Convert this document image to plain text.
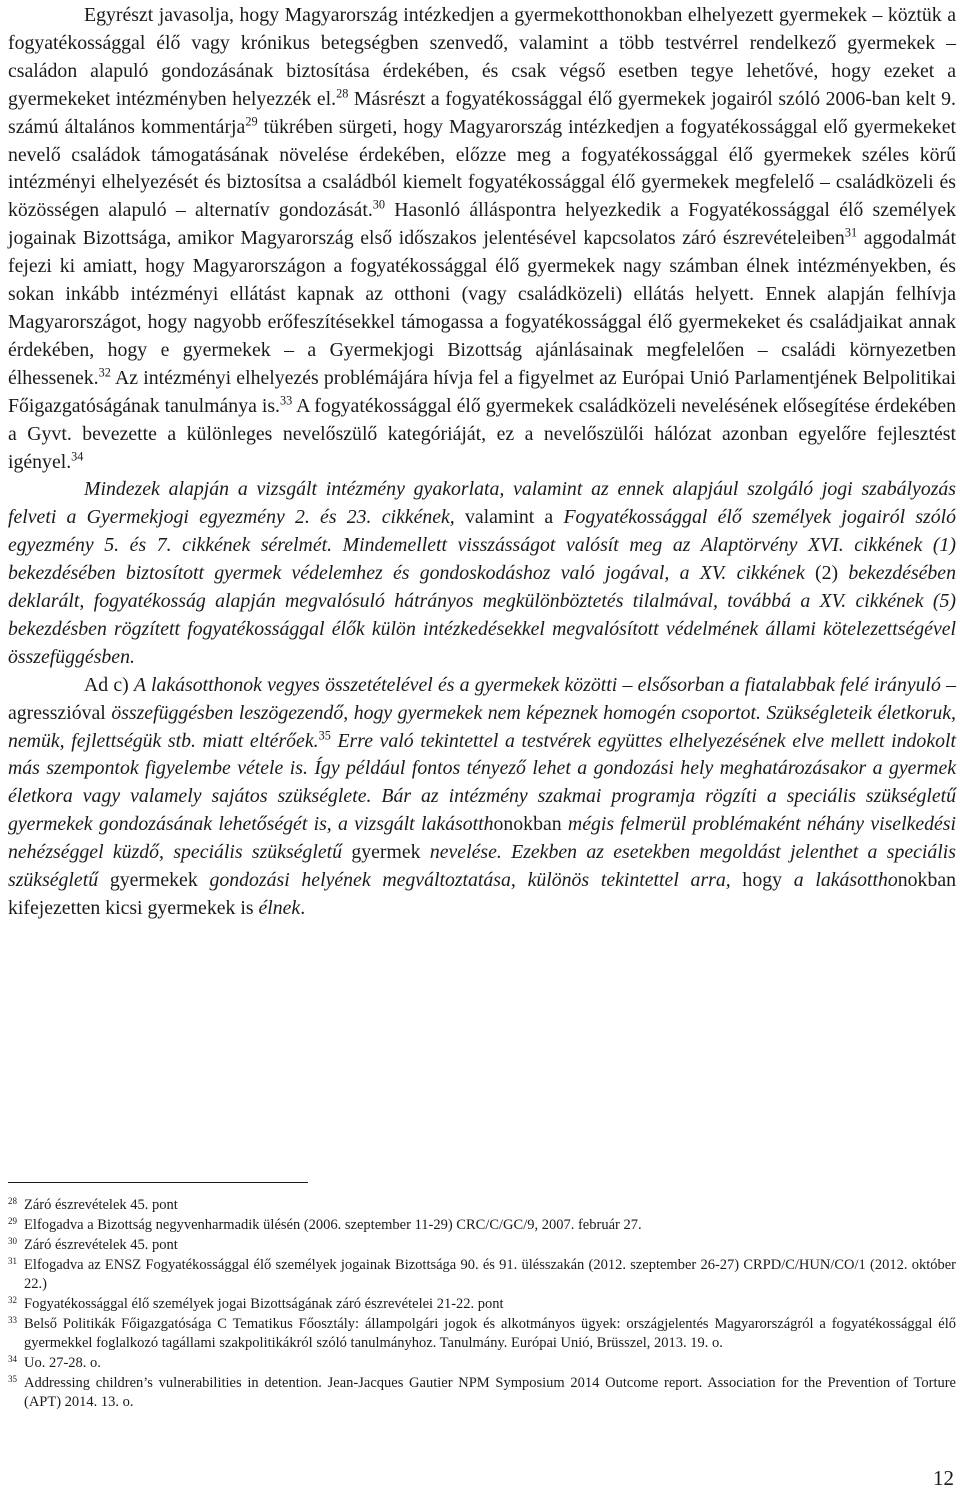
Egyrészt javasolja, hogy Magyarország intézkedjen a gyermekotthonokban elhelyezett gyermekek – köztük a fogyatékossággal élő vagy krónikus betegségben szenvedő, valamint a több testvérrel rendelkező gyermekek – családon alapuló gondozásának biztosítása érdekében, és csak végső esetben tegye lehetővé, hogy ezeket a gyermekeket intézményben helyezzék el.$^{28}$ Másrészt a fogyatékossággal élő gyermekek jogairól szóló 2006-ban kelt 9. számú általános kommentárja$^{29}$ tükrében sürgeti, hogy Magyarország intézkedjen a fogyatékossággal elő gyermekeket nevelő családok támogatásának növelése érdekében, előzze meg a fogyatékossággal élő gyermekek széles körű intézményi elhelyezését és biztosítsa a családból kiemelt fogyatékossággal élő gyermekek megfelelő – családközeli és közösségen alapuló – alternatív gondozását.$^{30}$ Hasonló álláspontra helyezkedik a Fogyatékossággal élő személyek jogainak Bizottsága, amikor Magyarország első időszakos jelentésével kapcsolatos záró észrevételeiben$^{31}$ aggodalmát fejezi ki amiatt, hogy Magyarországon a fogyatékossággal élő gyermekek nagy számban élnek intézményekben, és sokan inkább intézményi ellátást kapnak az otthoni (vagy családközeli) ellátás helyett. Ennek alapján felhívja Magyarországot, hogy nagyobb erőfeszítésekkel támogassa a fogyatékossággal élő gyermekeket és családjaikat annak érdekében, hogy e gyermekek – a Gyermekjogi Bizottság ajánlásainak megfelelően – családi környezetben élhessenek.$^{32}$ Az intézményi elhelyezés problémájára hívja fel a figyelmet az Európai Unió Parlamentjének Belpolitikai Főigazgatóságának tanulmánya is.$^{33}$ A fogyatékossággal élő gyermekek családközeli nevelésének elősegítése érdekében a Gyvt. bevezette a különleges nevelőszülő kategóriáját, ez a nevelőszülői hálózat azonban egyelőre fejlesztést igényel.$^{34}$

Mindezek alapján a vizsgált intézmény gyakorlata, valamint az ennek alapjául szolgáló jogi szabályozás felveti a Gyermekjogi egyezmény 2. és 23. cikkének, valamint a Fogyatékossággal élő személyek jogairól szóló egyezmény 5. és 7. cikkének sérelmét. Mindemellett visszásságot valósít meg az Alaptörvény XVI. cikkének (1) bekezdésében biztosított gyermek védelemhez és gondoskodáshoz való jogával, a XV. cikkének (2) bekezdésében deklarált, fogyatékosság alapján megvalósuló hátrányos megkülönböztetés tilalmával, továbbá a XV. cikkének (5) bekezdésben rögzített fogyatékossággal élők külön intézkedésekkel megvalósított védelmének állami kötelezettségével összefüggésben.

Ad c) A lakásotthonok vegyes összetételével és a gyermekek közötti – elsősorban a fiatalabbak felé irányuló – agresszióval összefüggésben leszögezendő, hogy gyermekek nem képeznek homogén csoportot. Szükségleteik életkoruk, nemük, fejlettségük stb. miatt eltérőek.$^{35}$ Erre való tekintettel a testvérek együttes elhelyezésének elve mellett indokolt más szempontok figyelembe vétele is. Így például fontos tényező lehet a gondozási hely meghatározásakor a gyermek életkora vagy valamely sajátos szükséglete. Bár az intézmény szakmai programja rögzíti a speciális szükségletű gyermekek gondozásának lehetőségét is, a vizsgált lakásotthonokban mégis felmerül problémaként néhány viselkedési nehézséggel küzdő, speciális szükségletű gyermek nevelése. Ezekben az esetekben megoldást jelenthet a speciális szükségletű gyermekek gondozási helyének megváltoztatása, különös tekintettel arra, hogy a lakásotthonokban kifejezetten kicsi gyermekek is élnek.

$^{28}$ Záró észrevételek 45. pont
$^{29}$ Elfogadva a Bizottság negyvenharmadik ülésén (2006. szeptember 11-29) CRC/C/GC/9, 2007. február 27.
$^{30}$ Záró észrevételek 45. pont
$^{31}$ Elfogadva az ENSZ Fogyatékossággal élő személyek jogainak Bizottsága 90. és 91. ülésszakán (2012. szeptember 26-27) CRPD/C/HUN/CO/1 (2012. október 22.)
$^{32}$ Fogyatékossággal élő személyek jogai Bizottságának záró észrevételei 21-22. pont
$^{33}$ Belső Politikák Főigazgatósága C Tematikus Főosztály: állampolgári jogok és alkotmányos ügyek: országjelentés Magyarországról a fogyatékossággal élő gyermekkel foglalkozó tagállami szakpolitikákról szóló tanulmányhoz. Tanulmány. Európai Unió, Brüsszel, 2013. 19. o.
$^{34}$ Uo. 27-28. o.
$^{35}$ Addressing children’s vulnerabilities in detention. Jean-Jacques Gautier NPM Symposium 2014 Outcome report. Association for the Prevention of Torture (APT) 2014. 13. o.
12
